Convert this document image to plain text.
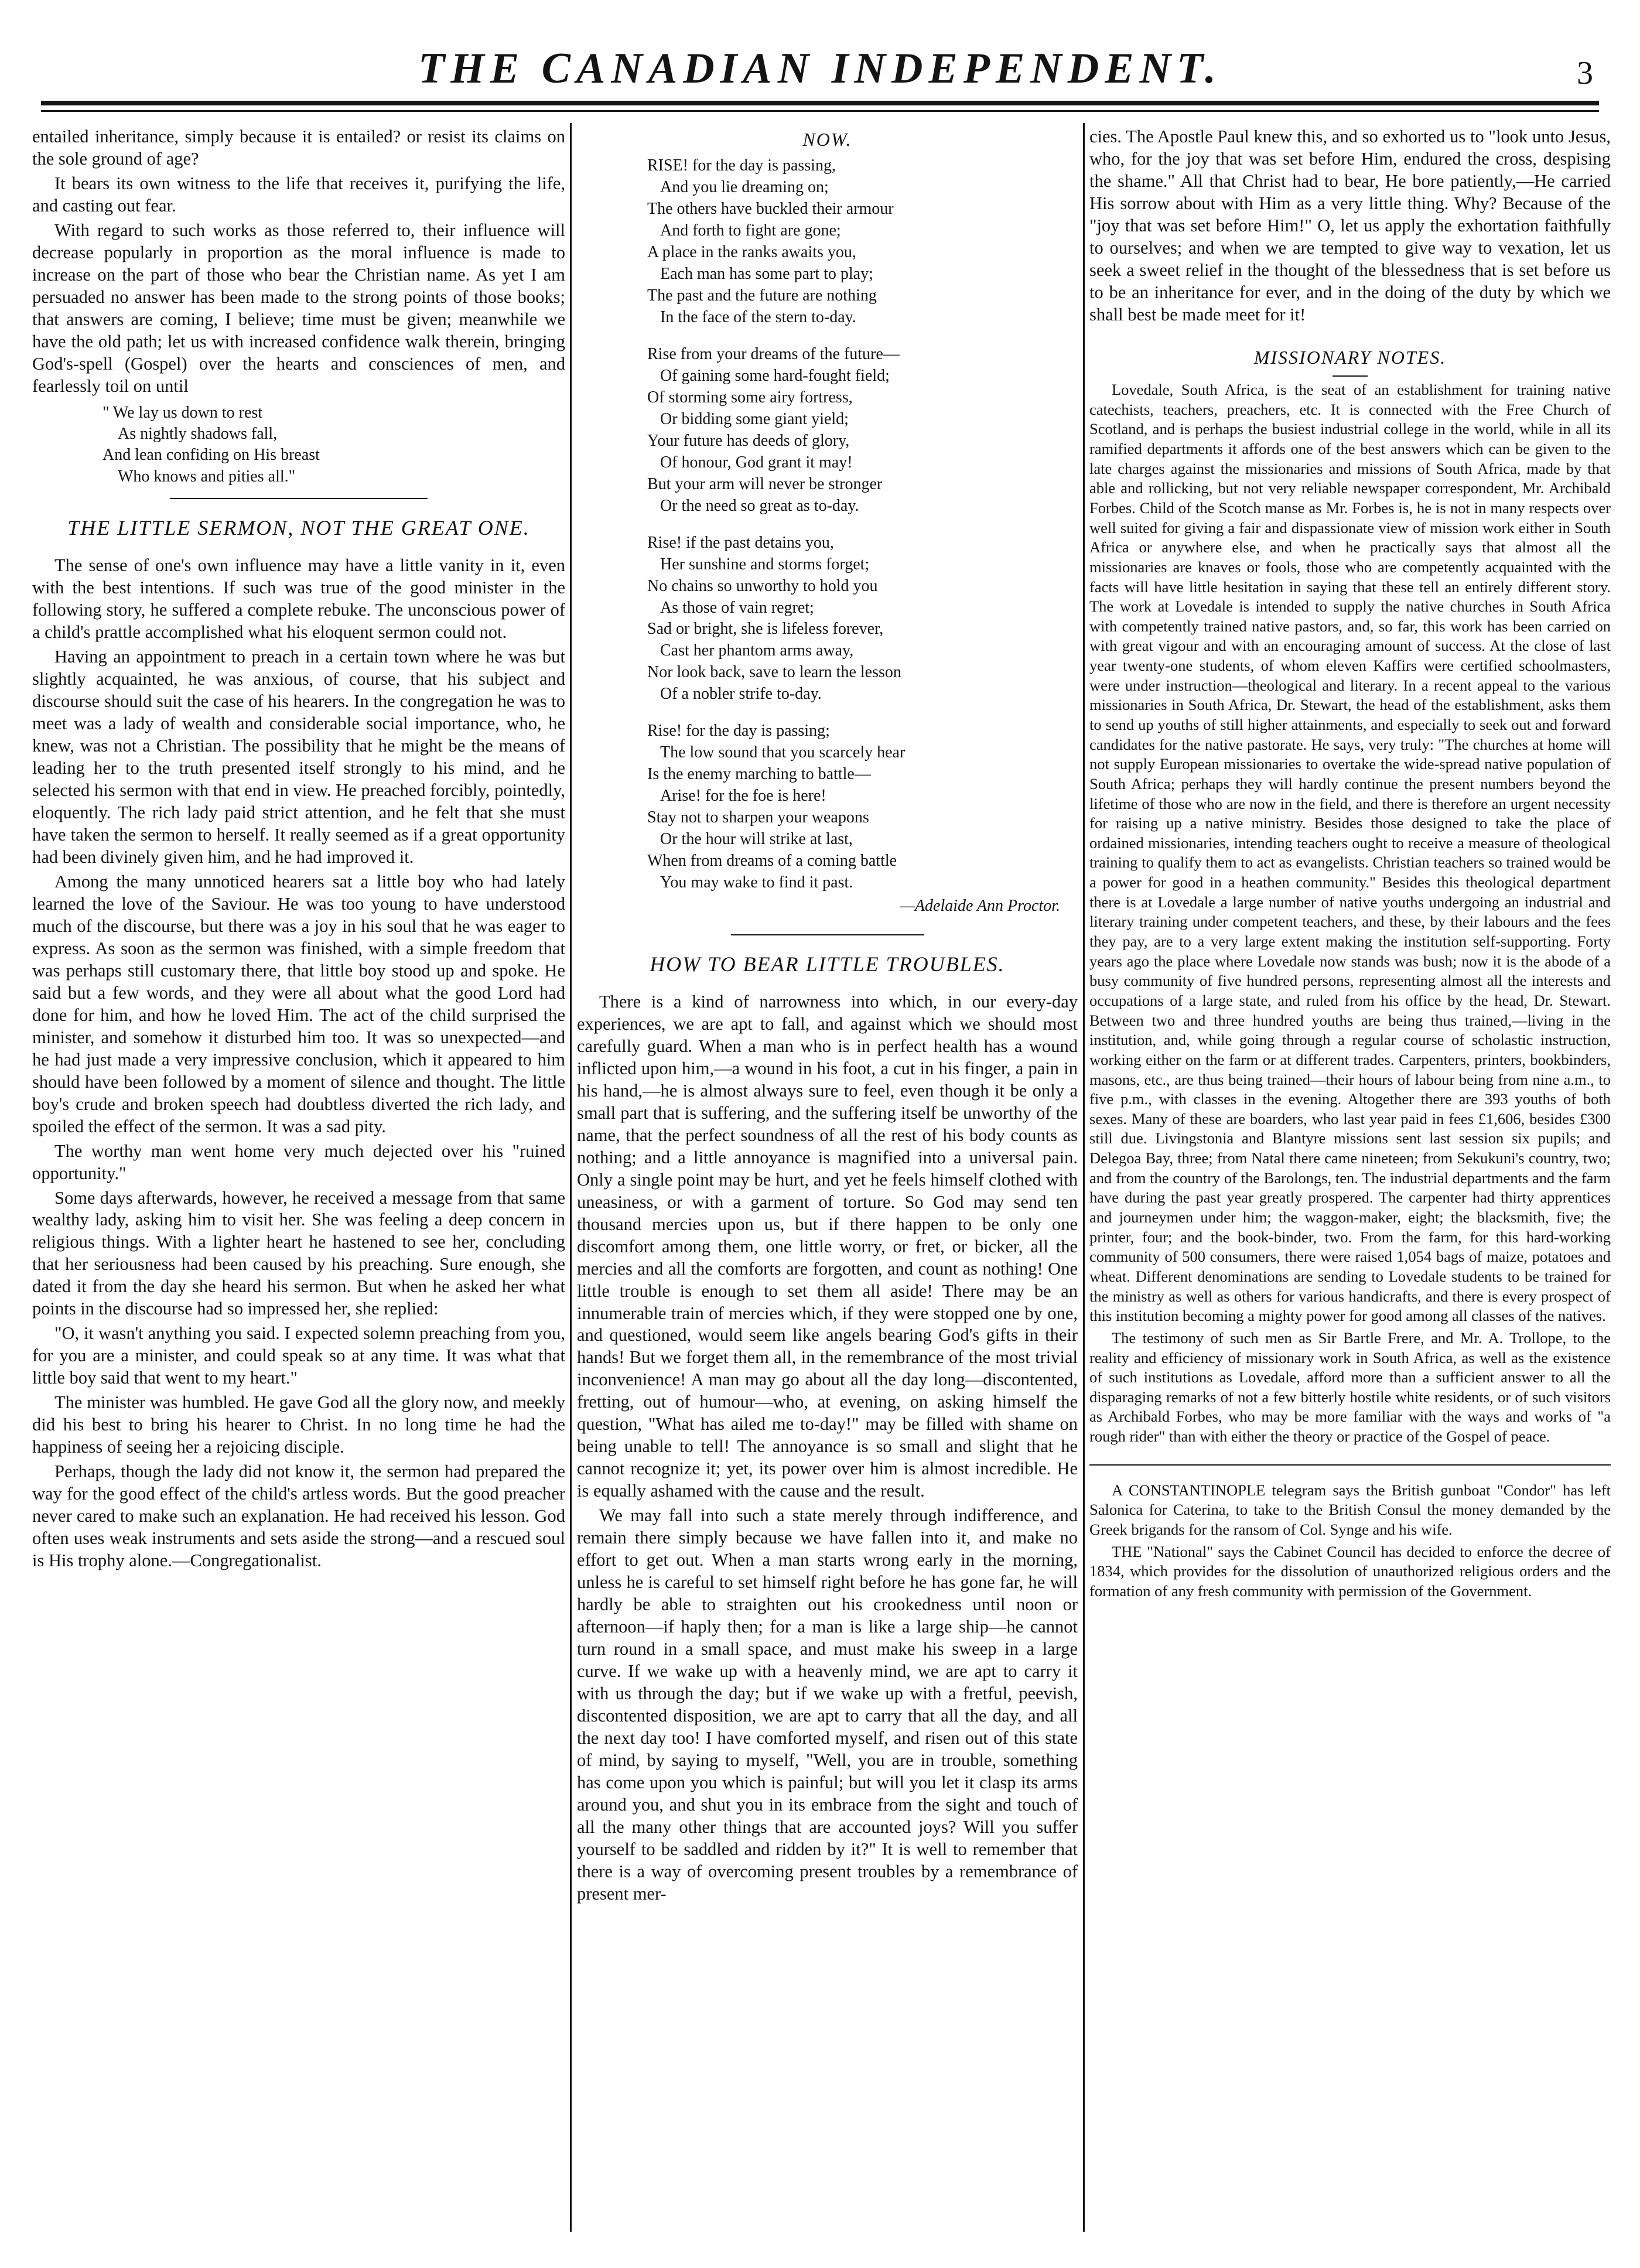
THE CANADIAN INDEPENDENT.	3

entailed inheritance, simply because it is entailed? or resist its claims on the sole ground of age?

It bears its own witness to the life that receives it, purifying the life, and casting out fear.

With regard to such works as those referred to, their influence will decrease popularly in proportion as the moral influence is made to increase on the part of those who bear the Christian name. As yet I am persuaded no answer has been made to the strong points of those books; that answers are coming, I believe; time must be given; meanwhile we have the old path; let us with increased confidence walk therein, bringing God's-spell (Gospel) over the hearts and consciences of men, and fearlessly toil on until

" We lay us down to rest
As nightly shadows fall,
And lean confiding on His breast
Who knows and pities all."
THE LITTLE SERMON, NOT THE GREAT ONE.

The sense of one's own influence may have a little vanity in it, even with the best intentions. If such was true of the good minister in the following story, he suffered a complete rebuke. The unconscious power of a child's prattle accomplished what his eloquent sermon could not.

Having an appointment to preach in a certain town where he was but slightly acquainted, he was anxious, of course, that his subject and discourse should suit the case of his hearers. In the congregation he was to meet was a lady of wealth and considerable social importance, who, he knew, was not a Christian. The possibility that he might be the means of leading her to the truth presented itself strongly to his mind, and he selected his sermon with that end in view. He preached forcibly, pointedly, eloquently. The rich lady paid strict attention, and he felt that she must have taken the sermon to herself. It really seemed as if a great opportunity had been divinely given him, and he had improved it.

Among the many unnoticed hearers sat a little boy who had lately learned the love of the Saviour. He was too young to have understood much of the discourse, but there was a joy in his soul that he was eager to express. As soon as the sermon was finished, with a simple freedom that was perhaps still customary there, that little boy stood up and spoke. He said but a few words, and they were all about what the good Lord had done for him, and how he loved Him. The act of the child surprised the minister, and somehow it disturbed him too. It was so unexpected—and he had just made a very impressive conclusion, which it appeared to him should have been followed by a moment of silence and thought. The little boy's crude and broken speech had doubtless diverted the rich lady, and spoiled the effect of the sermon. It was a sad pity.

The worthy man went home very much dejected over his "ruined opportunity."

Some days afterwards, however, he received a message from that same wealthy lady, asking him to visit her. She was feeling a deep concern in religious things. With a lighter heart he hastened to see her, concluding that her seriousness had been caused by his preaching. Sure enough, she dated it from the day she heard his sermon. But when he asked her what points in the discourse had so impressed her, she replied:

"O, it wasn't anything you said. I expected solemn preaching from you, for you are a minister, and could speak so at any time. It was what that little boy said that went to my heart."

The minister was humbled. He gave God all the glory now, and meekly did his best to bring his hearer to Christ. In no long time he had the happiness of seeing her a rejoicing disciple.

Perhaps, though the lady did not know it, the sermon had prepared the way for the good effect of the child's artless words. But the good preacher never cared to make such an explanation. He had received his lesson. God often uses weak instruments and sets aside the strong—and a rescued soul is His trophy alone.—Congregationalist.

NOW.
RISE! for the day is passing,
And you lie dreaming on;
The others have buckled their armour
And forth to fight are gone;
A place in the ranks awaits you,
Each man has some part to play;
The past and the future are nothing
In the face of the stern to-day.
Rise from your dreams of the future—
Of gaining some hard-fought field;
Of storming some airy fortress,
Or bidding some giant yield;
Your future has deeds of glory,
Of honour, God grant it may!
But your arm will never be stronger
Or the need so great as to-day.
Rise! if the past detains you,
Her sunshine and storms forget;
No chains so unworthy to hold you
As those of vain regret;
Sad or bright, she is lifeless forever,
Cast her phantom arms away,
Nor look back, save to learn the lesson
Of a nobler strife to-day.
Rise! for the day is passing;
The low sound that you scarcely hear
Is the enemy marching to battle—
Arise! for the foe is here!
Stay not to sharpen your weapons
Or the hour will strike at last,
When from dreams of a coming battle
You may wake to find it past.
—Adelaide Ann Proctor.
HOW TO BEAR LITTLE TROUBLES.

There is a kind of narrowness into which, in our every-day experiences, we are apt to fall, and against which we should most carefully guard. When a man who is in perfect health has a wound inflicted upon him,—a wound in his foot, a cut in his finger, a pain in his hand,—he is almost always sure to feel, even though it be only a small part that is suffering, and the suffering itself be unworthy of the name, that the perfect soundness of all the rest of his body counts as nothing; and a little annoyance is magnified into a universal pain. Only a single point may be hurt, and yet he feels himself clothed with uneasiness, or with a garment of torture. So God may send ten thousand mercies upon us, but if there happen to be only one discomfort among them, one little worry, or fret, or bicker, all the mercies and all the comforts are forgotten, and count as nothing! One little trouble is enough to set them all aside! There may be an innumerable train of mercies which, if they were stopped one by one, and questioned, would seem like angels bearing God's gifts in their hands! But we forget them all, in the remembrance of the most trivial inconvenience! A man may go about all the day long—discontented, fretting, out of humour—who, at evening, on asking himself the question, "What has ailed me to-day!" may be filled with shame on being unable to tell! The annoyance is so small and slight that he cannot recognize it; yet, its power over him is almost incredible. He is equally ashamed with the cause and the result.

We may fall into such a state merely through indifference, and remain there simply because we have fallen into it, and make no effort to get out. When a man starts wrong early in the morning, unless he is careful to set himself right before he has gone far, he will hardly be able to straighten out his crookedness until noon or afternoon—if haply then; for a man is like a large ship—he cannot turn round in a small space, and must make his sweep in a large curve. If we wake up with a heavenly mind, we are apt to carry it with us through the day; but if we wake up with a fretful, peevish, discontented disposition, we are apt to carry that all the day, and all the next day too! I have comforted myself, and risen out of this state of mind, by saying to myself, "Well, you are in trouble, something has come upon you which is painful; but will you let it clasp its arms around you, and shut you in its embrace from the sight and touch of all the many other things that are accounted joys? Will you suffer yourself to be saddled and ridden by it?" It is well to remember that there is a way of overcoming present troubles by a remembrance of present mer-

cies. The Apostle Paul knew this, and so exhorted us to "look unto Jesus, who, for the joy that was set before Him, endured the cross, despising the shame." All that Christ had to bear, He bore patiently,—He carried His sorrow about with Him as a very little thing. Why? Because of the "joy that was set before Him!" O, let us apply the exhortation faithfully to ourselves; and when we are tempted to give way to vexation, let us seek a sweet relief in the thought of the blessedness that is set before us to be an inheritance for ever, and in the doing of the duty by which we shall best be made meet for it!

MISSIONARY NOTES.

Lovedale, South Africa, is the seat of an establishment for training native catechists, teachers, preachers, etc. It is connected with the Free Church of Scotland, and is perhaps the busiest industrial college in the world, while in all its ramified departments it affords one of the best answers which can be given to the late charges against the missionaries and missions of South Africa, made by that able and rollicking, but not very reliable newspaper correspondent, Mr. Archibald Forbes. Child of the Scotch manse as Mr. Forbes is, he is not in many respects over well suited for giving a fair and dispassionate view of mission work either in South Africa or anywhere else, and when he practically says that almost all the missionaries are knaves or fools, those who are competently acquainted with the facts will have little hesitation in saying that these tell an entirely different story. The work at Lovedale is intended to supply the native churches in South Africa with competently trained native pastors, and, so far, this work has been carried on with great vigour and with an encouraging amount of success. At the close of last year twenty-one students, of whom eleven Kaffirs were certified schoolmasters, were under instruction—theological and literary. In a recent appeal to the various missionaries in South Africa, Dr. Stewart, the head of the establishment, asks them to send up youths of still higher attainments, and especially to seek out and forward candidates for the native pastorate. He says, very truly: "The churches at home will not supply European missionaries to overtake the wide-spread native population of South Africa; perhaps they will hardly continue the present numbers beyond the lifetime of those who are now in the field, and there is therefore an urgent necessity for raising up a native ministry. Besides those designed to take the place of ordained missionaries, intending teachers ought to receive a measure of theological training to qualify them to act as evangelists. Christian teachers so trained would be a power for good in a heathen community." Besides this theological department there is at Lovedale a large number of native youths undergoing an industrial and literary training under competent teachers, and these, by their labours and the fees they pay, are to a very large extent making the institution self-supporting. Forty years ago the place where Lovedale now stands was bush; now it is the abode of a busy community of five hundred persons, representing almost all the interests and occupations of a large state, and ruled from his office by the head, Dr. Stewart. Between two and three hundred youths are being thus trained,—living in the institution, and, while going through a regular course of scholastic instruction, working either on the farm or at different trades. Carpenters, printers, bookbinders, masons, etc., are thus being trained—their hours of labour being from nine a.m., to five p.m., with classes in the evening. Altogether there are 393 youths of both sexes. Many of these are boarders, who last year paid in fees £1,606, besides £300 still due. Livingstonia and Blantyre missions sent last session six pupils; and Delegoa Bay, three; from Natal there came nineteen; from Sekukuni's country, two; and from the country of the Barolongs, ten. The industrial departments and the farm have during the past year greatly prospered. The carpenter had thirty apprentices and journeymen under him; the waggon-maker, eight; the blacksmith, five; the printer, four; and the book-binder, two. From the farm, for this hard-working community of 500 consumers, there were raised 1,054 bags of maize, potatoes and wheat. Different denominations are sending to Lovedale students to be trained for the ministry as well as others for various handicrafts, and there is every prospect of this institution becoming a mighty power for good among all classes of the natives.

The testimony of such men as Sir Bartle Frere, and Mr. A. Trollope, to the reality and efficiency of missionary work in South Africa, as well as the existence of such institutions as Lovedale, afford more than a sufficient answer to all the disparaging remarks of not a few bitterly hostile white residents, or of such visitors as Archibald Forbes, who may be more familiar with the ways and works of "a rough rider" than with either the theory or practice of the Gospel of peace.

A CONSTANTINOPLE telegram says the British gunboat "Condor" has left Salonica for Caterina, to take to the British Consul the money demanded by the Greek brigands for the ransom of Col. Synge and his wife.

THE "National" says the Cabinet Council has decided to enforce the decree of 1834, which provides for the dissolution of unauthorized religious orders and the formation of any fresh community with permission of the Government.
